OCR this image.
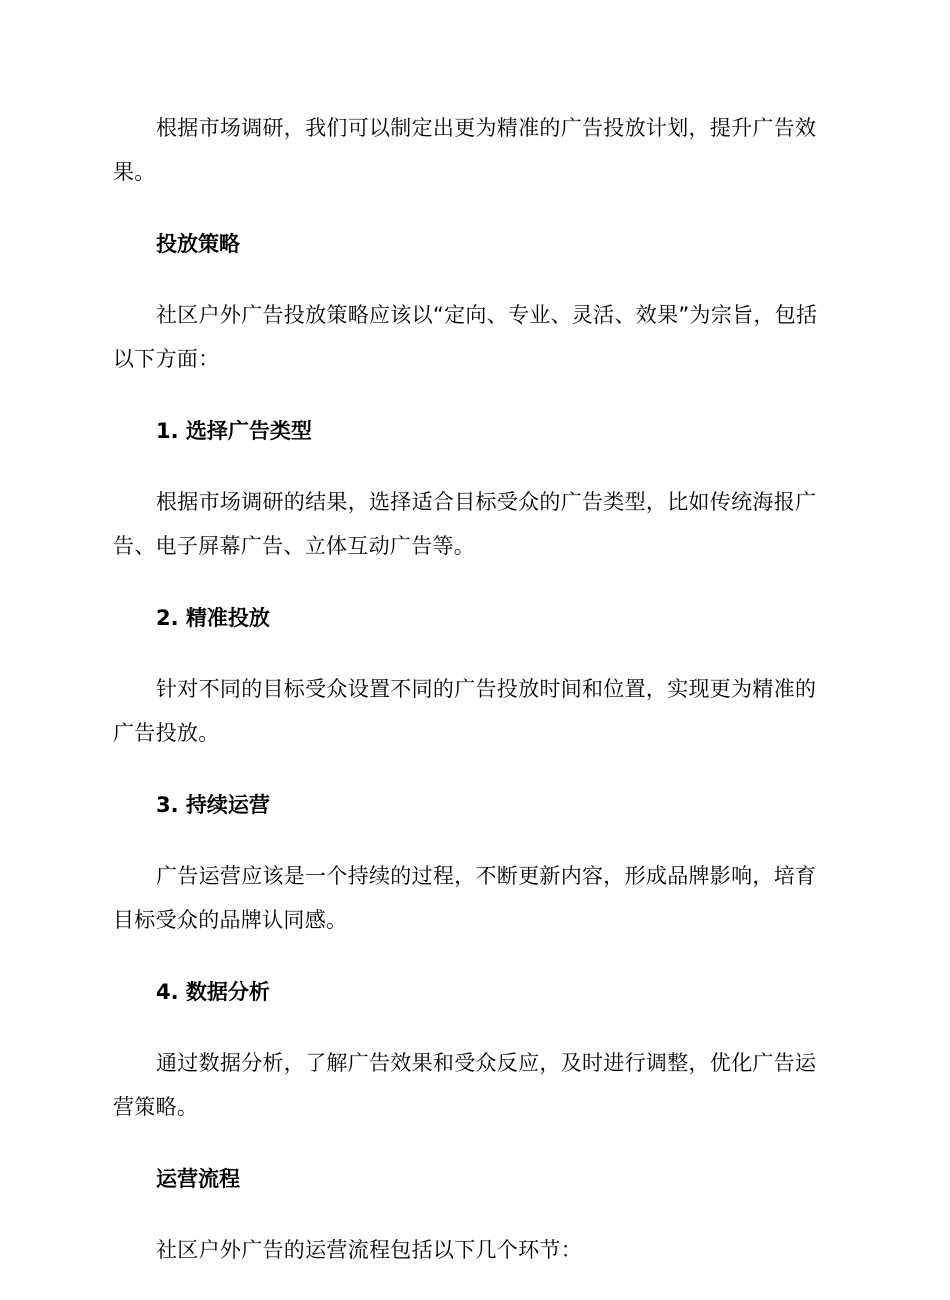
根据市场调研，我们可以制定出更为精准的广告投放计划，提升广告效果。

投放策略

社区户外广告投放策略应该以“定向、专业、灵活、效果”为宗旨，包括以下方面：

1. 选择广告类型

根据市场调研的结果，选择适合目标受众的广告类型，比如传统海报广告、电子屏幕广告、立体互动广告等。

2. 精准投放

针对不同的目标受众设置不同的广告投放时间和位置，实现更为精准的广告投放。

3. 持续运营

广告运营应该是一个持续的过程，不断更新内容，形成品牌影响，培育目标受众的品牌认同感。

4. 数据分析

通过数据分析，了解广告效果和受众反应，及时进行调整，优化广告运营策略。

运营流程

社区户外广告的运营流程包括以下几个环节：
